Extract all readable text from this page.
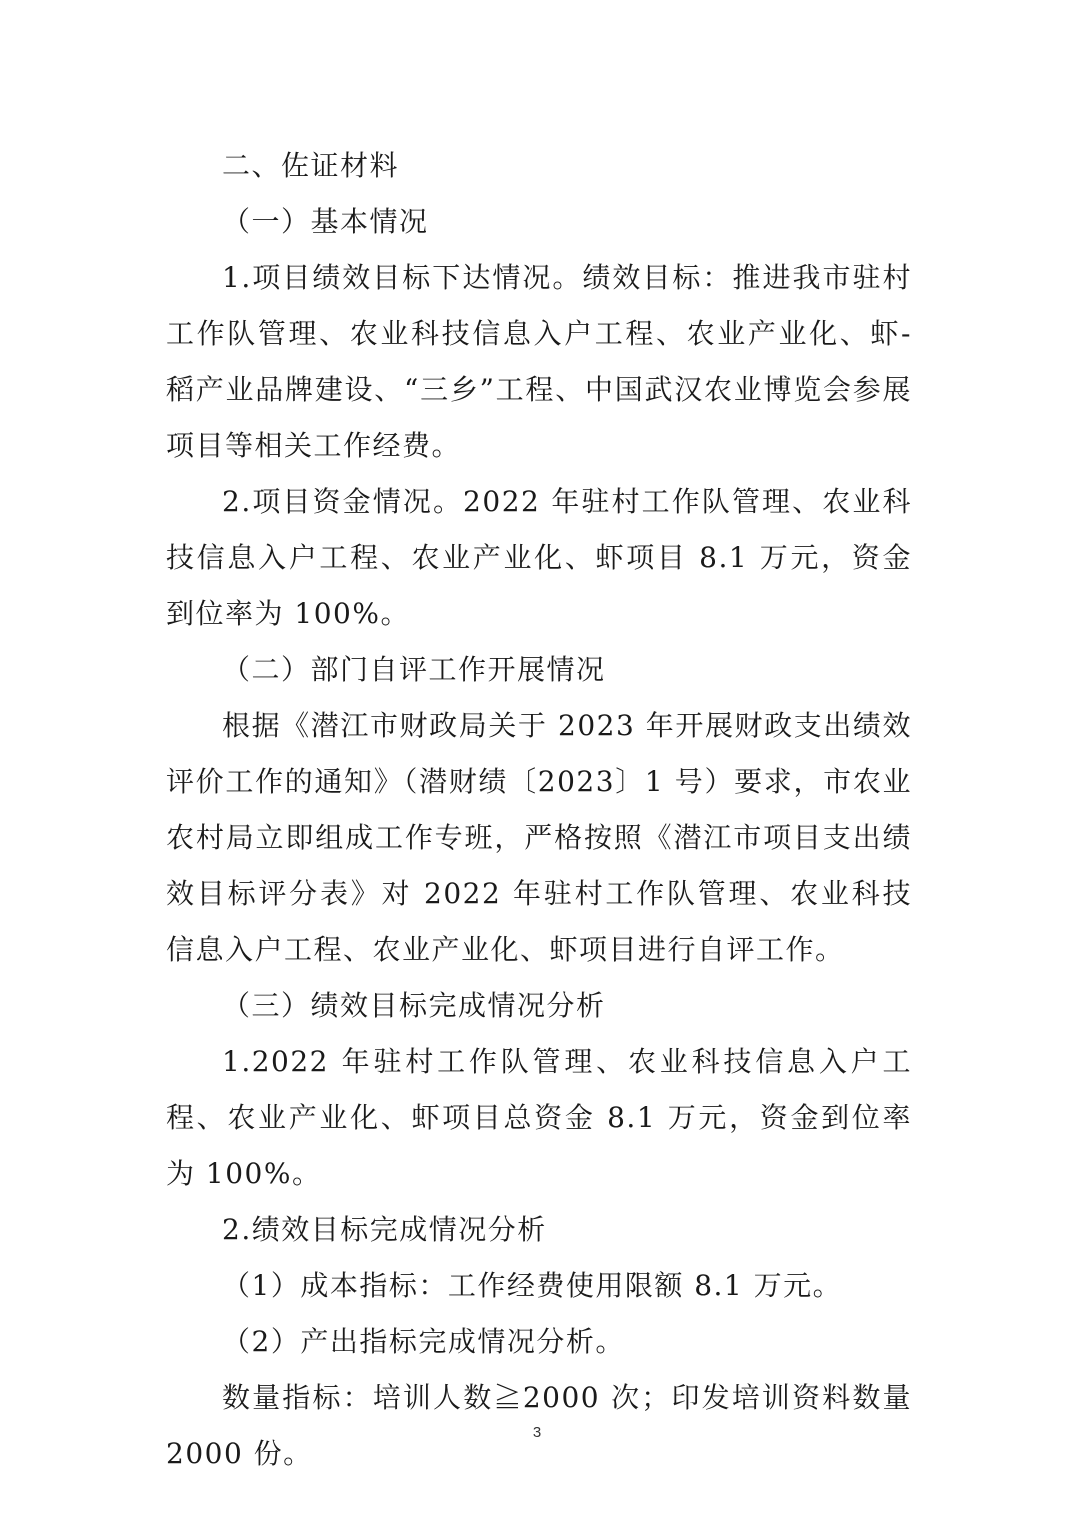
二、佐证材料

（一）基本情况

1.项目绩效目标下达情况。绩效目标：推进我市驻村工作队管理、农业科技信息入户工程、农业产业化、虾-稻产业品牌建设、“三乡”工程、中国武汉农业博览会参展项目等相关工作经费。

2.项目资金情况。2022 年驻村工作队管理、农业科技信息入户工程、农业产业化、虾项目 8.1 万元，资金到位率为 100%。

（二）部门自评工作开展情况

根据《潜江市财政局关于 2023 年开展财政支出绩效评价工作的通知》（潜财绩〔2023〕1 号）要求，市农业农村局立即组成工作专班，严格按照《潜江市项目支出绩效目标评分表》对 2022 年驻村工作队管理、农业科技信息入户工程、农业产业化、虾项目进行自评工作。

（三）绩效目标完成情况分析

1.2022 年驻村工作队管理、农业科技信息入户工程、农业产业化、虾项目总资金 8.1 万元，资金到位率为 100%。

2.绩效目标完成情况分析

（1）成本指标：工作经费使用限额 8.1 万元。

（2）产出指标完成情况分析。

数量指标：培训人数≧2000 次；印发培训资料数量 2000 份。

3
